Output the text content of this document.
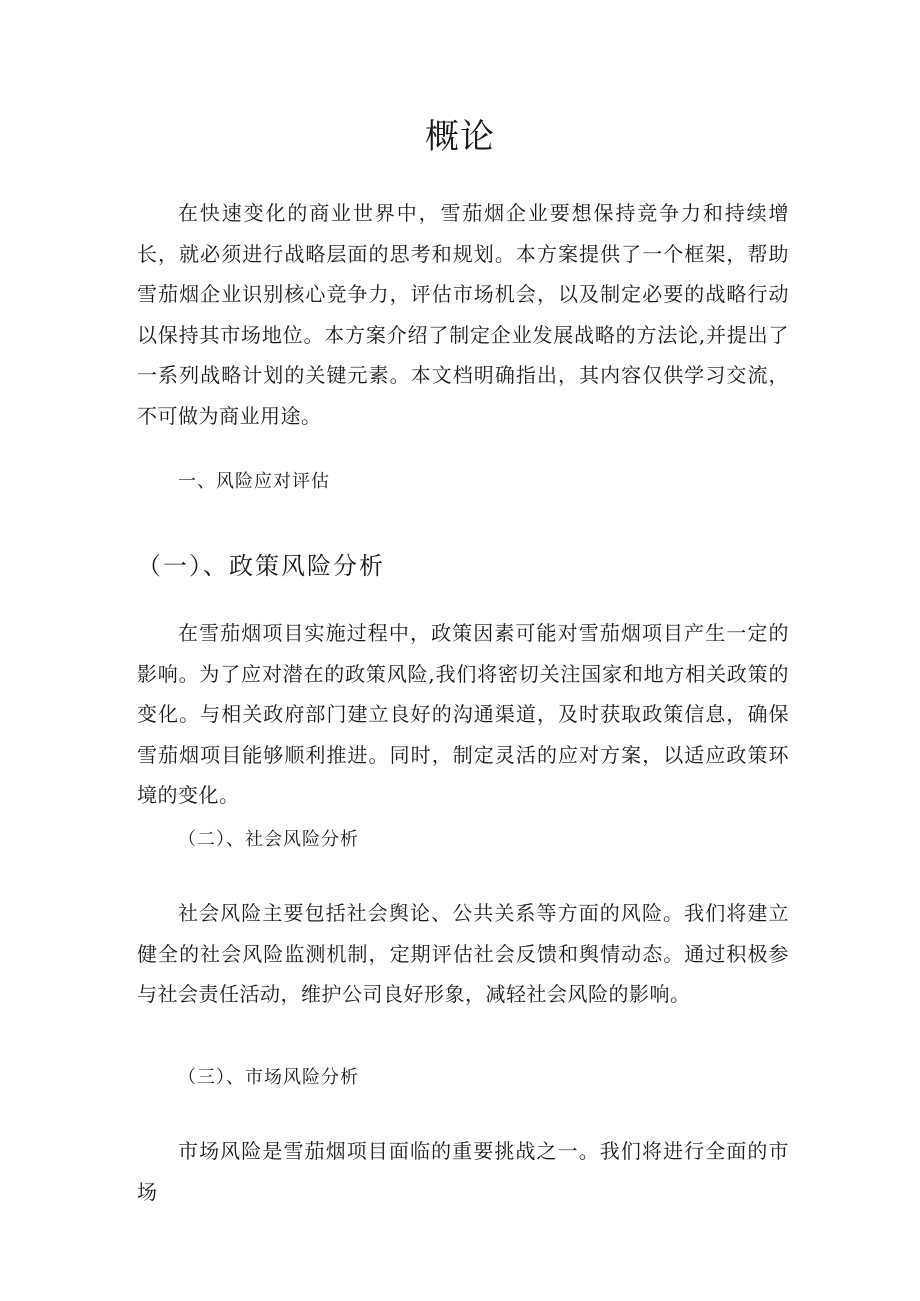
概论

在快速变化的商业世界中，雪茄烟企业要想保持竞争力和持续增长，就必须进行战略层面的思考和规划。本方案提供了一个框架，帮助雪茄烟企业识别核心竞争力，评估市场机会，以及制定必要的战略行动以保持其市场地位。本方案介绍了制定企业发展战略的方法论,并提出了一系列战略计划的关键元素。本文档明确指出，其内容仅供学习交流，不可做为商业用途。

一、风险应对评估
（一）、政策风险分析

在雪茄烟项目实施过程中，政策因素可能对雪茄烟项目产生一定的影响。为了应对潜在的政策风险,我们将密切关注国家和地方相关政策的变化。与相关政府部门建立良好的沟通渠道，及时获取政策信息，确保雪茄烟项目能够顺利推进。同时，制定灵活的应对方案，以适应政策环境的变化。

（二）、社会风险分析

社会风险主要包括社会舆论、公共关系等方面的风险。我们将建立健全的社会风险监测机制，定期评估社会反馈和舆情动态。通过积极参与社会责任活动，维护公司良好形象，减轻社会风险的影响。

（三）、市场风险分析

市场风险是雪茄烟项目面临的重要挑战之一。我们将进行全面的市场
